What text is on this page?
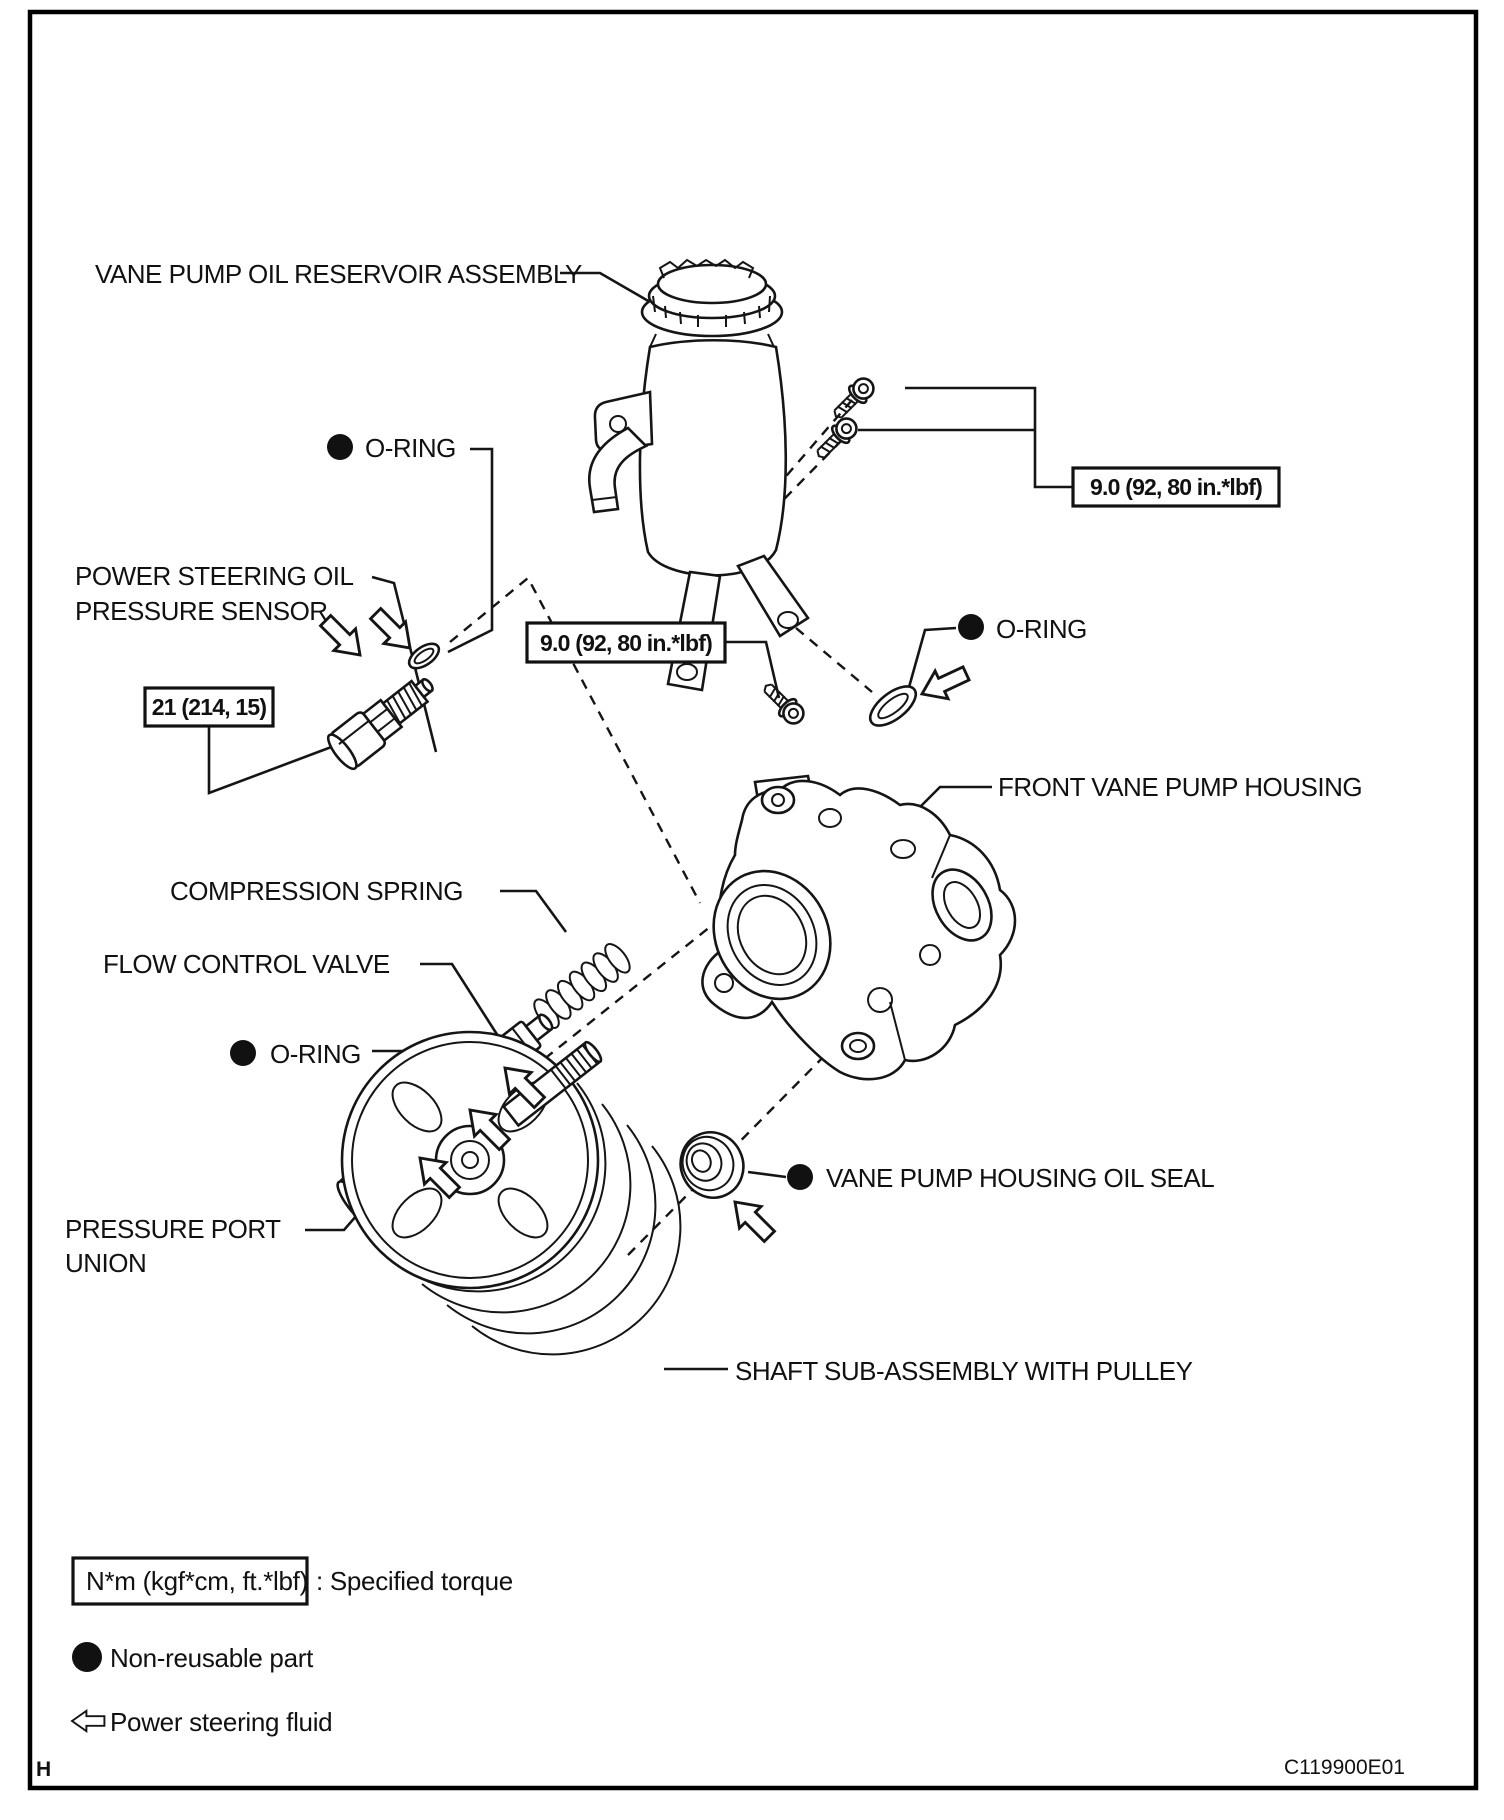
VANE PUMP OIL RESERVOIR ASSEMBLY
O-RING
POWER STEERING OIL
PRESSURE SENSOR
21 (214, 15)
9.0 (92, 80 in.*lbf)
9.0 (92, 80 in.*lbf)	O-RING
FRONT VANE PUMP HOUSING
COMPRESSION SPRING
FLOW CONTROL VALVE
O-RING
PRESSURE PORT
UNION
VANE PUMP HOUSING OIL SEAL
SHAFT SUB-ASSEMBLY WITH PULLEY
N*m (kgf*cm, ft.*lbf) : Specified torque
Non-reusable part
Power steering fluid
H	C119900E01
